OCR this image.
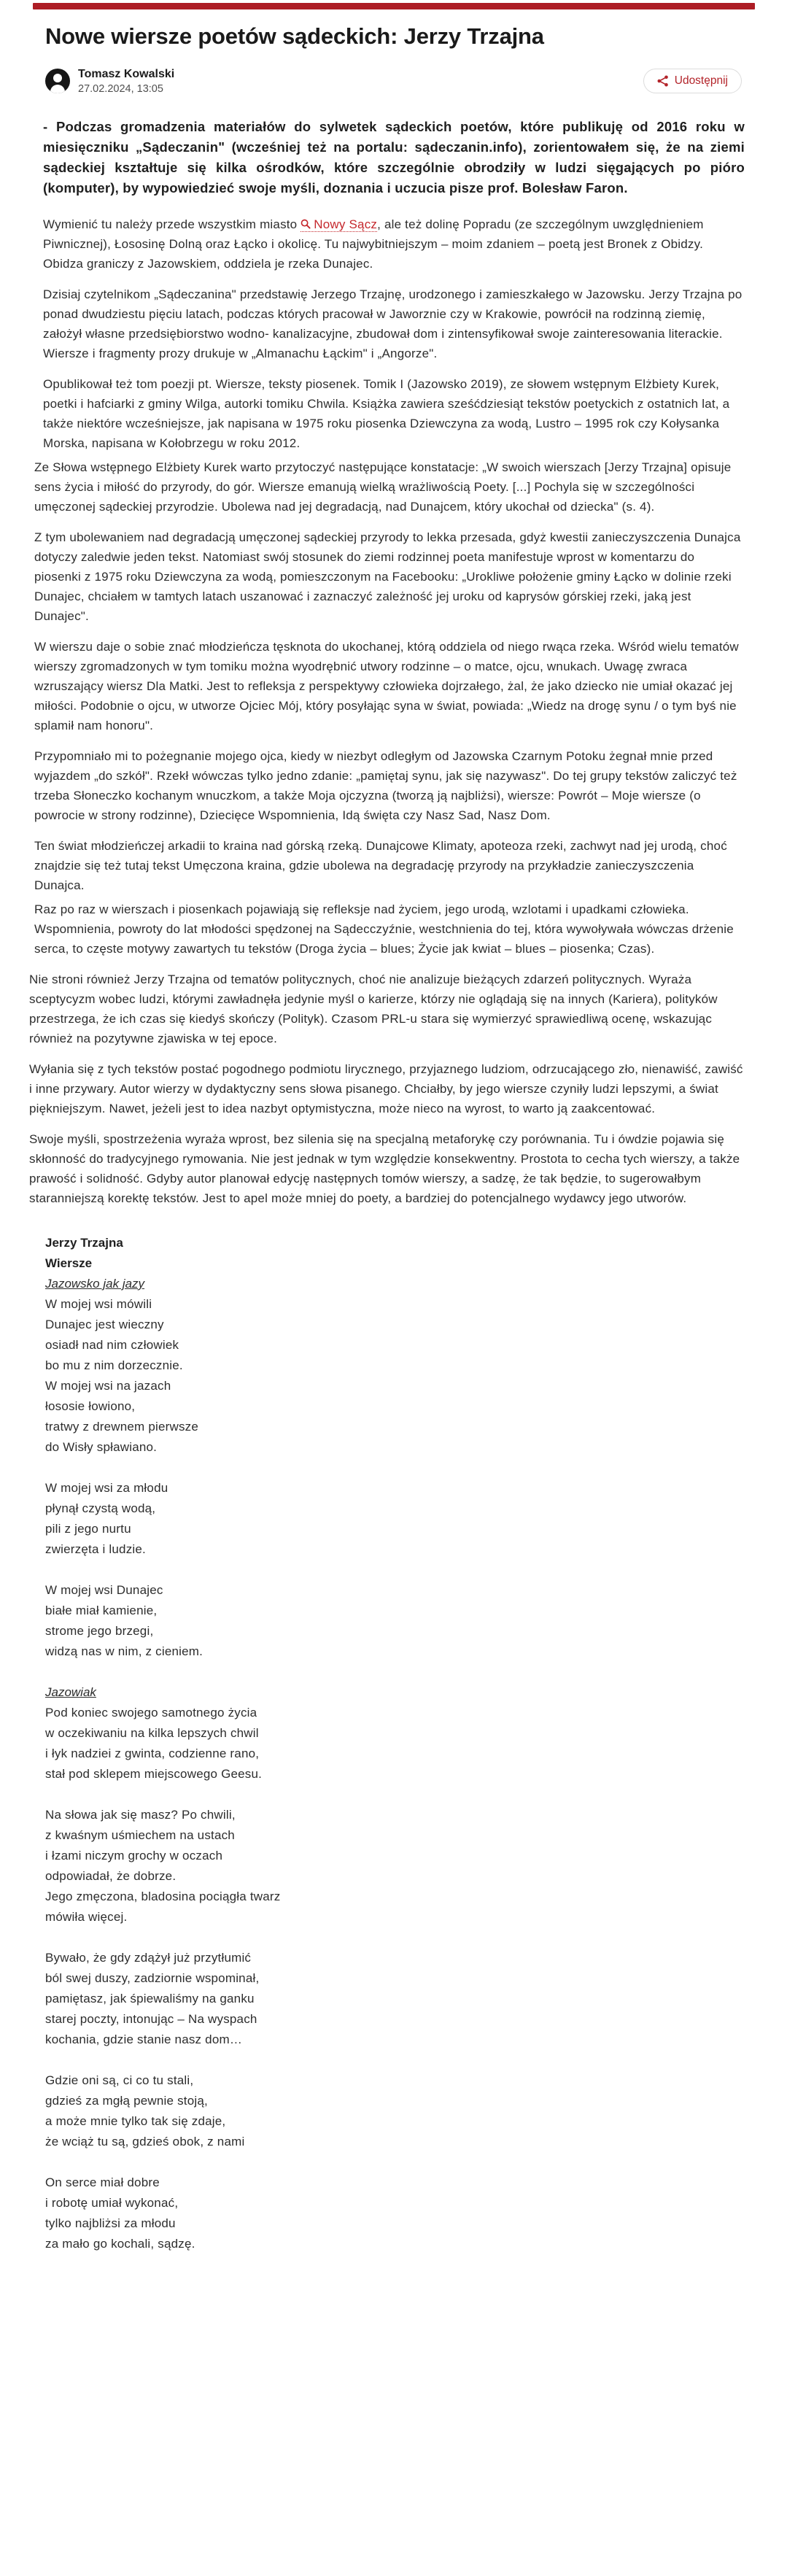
Nowe wiersze poetów sądeckich: Jerzy Trzajna
Tomasz Kowalski
27.02.2024, 13:05
Udostępnij

- Podczas gromadzenia materiałów do sylwetek sądeckich poetów, które publikuję od 2016 roku w miesięczniku „Sądeczanin" (wcześniej też na portalu: sądeczanin.info), zorientowałem się, że na ziemi sądeckiej kształtuje się kilka ośrodków, które szczególnie obrodziły w ludzi sięgających po pióro (komputer), by wypowiedzieć swoje myśli, doznania i uczucia pisze prof. Bolesław Faron.

Wymienić tu należy przede wszystkim miasto
Nowy Sącz, ale też dolinę Popradu (ze szczególnym uwzględnieniem Piwnicznej), Łososinę Dolną oraz Łącko i okolicę. Tu najwybitniejszym – moim zdaniem – poetą jest Bronek z Obidzy. Obidza graniczy z Jazowskiem, oddziela je rzeka Dunajec.

Dzisiaj czytelnikom „Sądeczanina" przedstawię Jerzego Trzajnę, urodzonego i zamieszkałego w Jazowsku. Jerzy Trzajna po ponad dwudziestu pięciu latach, podczas których pracował w Jaworznie czy w Krakowie, powrócił na rodzinną ziemię, założył własne przedsiębiorstwo wodno- kanalizacyjne, zbudował dom i zintensyfikował swoje zainteresowania literackie. Wiersze i fragmenty prozy drukuje w „Almanachu Łąckim" i „Angorze".

Opublikował też tom poezji pt. Wiersze, teksty piosenek. Tomik I (Jazowsko 2019), ze słowem wstępnym Elżbiety Kurek, poetki i hafciarki z gminy Wilga, autorki tomiku Chwila. Książka zawiera sześćdziesiąt tekstów poetyckich z ostatnich lat, a także niektóre wcześniejsze, jak napisana w 1975 roku piosenka Dziewczyna za wodą, Lustro – 1995 rok czy Kołysanka Morska, napisana w Kołobrzegu w roku 2012.

Ze Słowa wstępnego Elżbiety Kurek warto przytoczyć następujące konstatacje: „W swoich wierszach [Jerzy Trzajna] opisuje sens życia i miłość do przyrody, do gór. Wiersze emanują wielką wrażliwością Poety. [...] Pochyla się w szczególności umęczonej sądeckiej przyrodzie. Ubolewa nad jej degradacją, nad Dunajcem, który ukochał od dziecka" (s. 4).

Z tym ubolewaniem nad degradacją umęczonej sądeckiej przyrody to lekka przesada, gdyż kwestii zanieczyszczenia Dunajca dotyczy zaledwie jeden tekst. Natomiast swój stosunek do ziemi rodzinnej poeta manifestuje wprost w komentarzu do piosenki z 1975 roku Dziewczyna za wodą, pomieszczonym na Facebooku: „Urokliwe położenie gminy Łącko w dolinie rzeki Dunajec, chciałem w tamtych latach uszanować i zaznaczyć zależność jej uroku od kaprysów górskiej rzeki, jaką jest Dunajec".

W wierszu daje o sobie znać młodzieńcza tęsknota do ukochanej, którą oddziela od niego rwąca rzeka. Wśród wielu tematów wierszy zgromadzonych w tym tomiku można wyodrębnić utwory rodzinne – o matce, ojcu, wnukach. Uwagę zwraca wzruszający wiersz Dla Matki. Jest to refleksja z perspektywy człowieka dojrzałego, żal, że jako dziecko nie umiał okazać jej miłości. Podobnie o ojcu, w utworze Ojciec Mój, który posyłając syna w świat, powiada: „Wiedz na drogę synu / o tym byś nie splamił nam honoru".

Przypomniało mi to pożegnanie mojego ojca, kiedy w niezbyt odległym od Jazowska Czarnym Potoku żegnał mnie przed wyjazdem „do szkół". Rzekł wówczas tylko jedno zdanie: „pamiętaj synu, jak się nazywasz". Do tej grupy tekstów zaliczyć też trzeba Słoneczko kochanym wnuczkom, a także Moja ojczyzna (tworzą ją najbliżsi), wiersze: Powrót – Moje wiersze (o powrocie w strony rodzinne), Dziecięce Wspomnienia, Idą święta czy Nasz Sad, Nasz Dom.

Ten świat młodzieńczej arkadii to kraina nad górską rzeką. Dunajcowe Klimaty, apoteoza rzeki, zachwyt nad jej urodą, choć znajdzie się też tutaj tekst Umęczona kraina, gdzie ubolewa na degradację przyrody na przykładzie zanieczyszczenia Dunajca.

Raz po raz w wierszach i piosenkach pojawiają się refleksje nad życiem, jego urodą, wzlotami i upadkami człowieka. Wspomnienia, powroty do lat młodości spędzonej na Sądecczyźnie, westchnienia do tej, która wywoływała wówczas drżenie serca, to częste motywy zawartych tu tekstów (Droga życia – blues; Życie jak kwiat – blues – piosenka; Czas).

Nie stroni również Jerzy Trzajna od tematów politycznych, choć nie analizuje bieżących zdarzeń politycznych. Wyraża sceptycyzm wobec ludzi, którymi zawładnęła jedynie myśl o karierze, którzy nie oglądają się na innych (Kariera), polityków przestrzega, że ich czas się kiedyś skończy (Polityk). Czasom PRL-u stara się wymierzyć sprawiedliwą ocenę, wskazując również na pozytywne zjawiska w tej epoce.

Wyłania się z tych tekstów postać pogodnego podmiotu lirycznego, przyjaznego ludziom, odrzucającego zło, nienawiść, zawiść i inne przywary. Autor wierzy w dydaktyczny sens słowa pisanego. Chciałby, by jego wiersze czyniły ludzi lepszymi, a świat piękniejszym. Nawet, jeżeli jest to idea nazbyt optymistyczna, może nieco na wyrost, to warto ją zaakcentować.

Swoje myśli, spostrzeżenia wyraża wprost, bez silenia się na specjalną metaforykę czy porównania. Tu i ówdzie pojawia się skłonność do tradycyjnego rymowania. Nie jest jednak w tym względzie konsekwentny. Prostota to cecha tych wierszy, a także prawość i solidność. Gdyby autor planował edycję następnych tomów wierszy, a sadzę, że tak będzie, to sugerowałbym staranniejszą korektę tekstów. Jest to apel może mniej do poety, a bardziej do potencjalnego wydawcy jego utworów.

Jerzy Trzajna
Wiersze
Jazowsko jak jazy
W mojej wsi mówili
Dunajec jest wieczny
osiadł nad nim człowiek
bo mu z nim dorzecznie.
W mojej wsi na jazach
łososie łowiono,
tratwy z drewnem pierwsze
do Wisły spławiano.
W mojej wsi za młodu
płynął czystą wodą,
pili z jego nurtu
zwierzęta i ludzie.
W mojej wsi Dunajec
białe miał kamienie,
strome jego brzegi,
widzą nas w nim, z cieniem.
Jazowiak
Pod koniec swojego samotnego życia
w oczekiwaniu na kilka lepszych chwil
i łyk nadziei z gwinta, codzienne rano,
stał pod sklepem miejscowego Geesu.
Na słowa jak się masz? Po chwili,
z kwaśnym uśmiechem na ustach
i łzami niczym grochy w oczach
odpowiadał, że dobrze.
Jego zmęczona, bladosina pociągła twarz
mówiła więcej.
Bywało, że gdy zdążył już przytłumić
ból swej duszy, zadziornie wspominał,
pamiętasz, jak śpiewaliśmy na ganku
starej poczty, intonując – Na wyspach
kochania, gdzie stanie nasz dom…
Gdzie oni są, ci co tu stali,
gdzieś za mgłą pewnie stoją,
a może mnie tylko tak się zdaje,
że wciąż tu są, gdzieś obok, z nami
On serce miał dobre
i robotę umiał wykonać,
tylko najbliżsi za młodu
za mało go kochali, sądzę.
